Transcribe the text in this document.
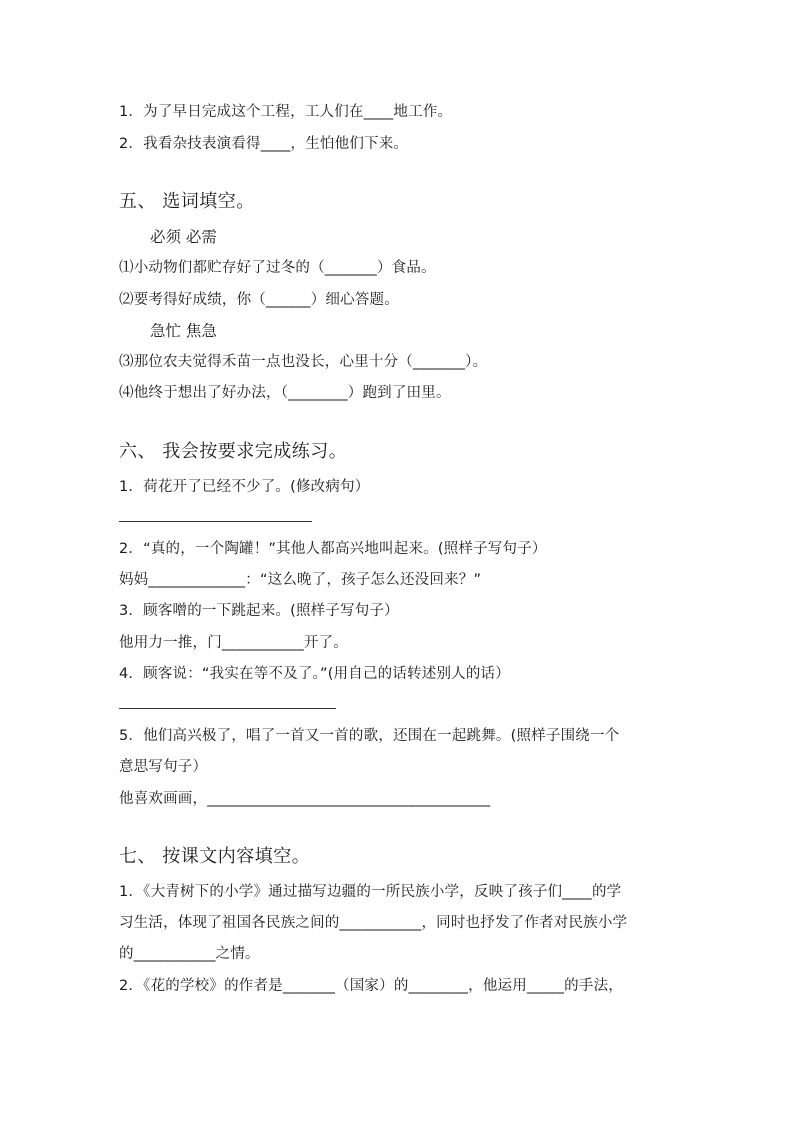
1．为了早日完成这个工程，工人们在____地工作。
2．我看杂技表演看得____，生怕他们下来。
五、 选词填空。
必须 必需
⑴小动物们都贮存好了过冬的（_______）食品。
⑵要考得好成绩，你（______）细心答题。
急忙 焦急
⑶那位农夫觉得禾苗一点也没长，心里十分（_______）。
⑷他终于想出了好办法，（________）跑到了田里。
六、 我会按要求完成练习。
1．荷花开了已经不少了。(修改病句）
2．“真的，一个陶罐！”其他人都高兴地叫起来。(照样子写句子）
妈妈_____________：“这么晚了，孩子怎么还没回来？”
3．顾客噌的一下跳起来。(照样子写句子）
他用力一推，门___________开了。
4．顾客说：“我实在等不及了。”(用自己的话转述别人的话）
5．他们高兴极了，唱了一首又一首的歌，还围在一起跳舞。(照样子围绕一个
意思写句子）
他喜欢画画，______________________________________
七、 按课文内容填空。
1．《大青树下的小学》通过描写边疆的一所民族小学，反映了孩子们____的学
习生活，体现了祖国各民族之间的___________，同时也抒发了作者对民族小学
的___________之情。
2．《花的学校》的作者是_______（国家）的________，他运用_____的手法，
